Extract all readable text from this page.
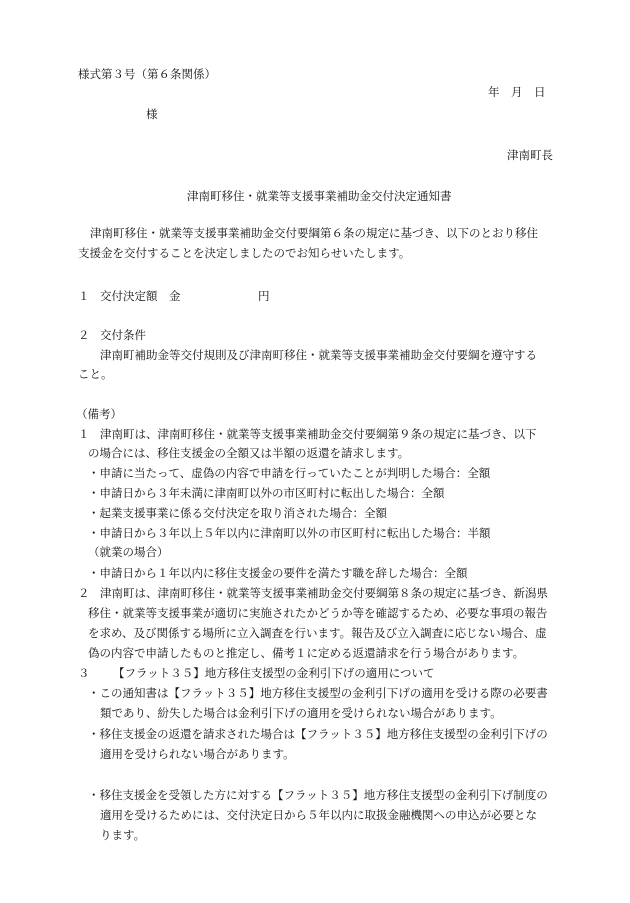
様式第３号（第６条関係）
年　月　日
様
津南町長
津南町移住・就業等支援事業補助金交付決定通知書
津南町移住・就業等支援事業補助金交付要綱第６条の規定に基づき、以下のとおり移住
支援金を交付することを決定しましたのでお知らせいたします。
１ 交付決定額　金	円
２ 交付条件
津南町補助金等交付規則及び津南町移住・就業等支援事業補助金交付要綱を遵守する
こと。
（備考）
１ 津南町は、津南町移住・就業等支援事業補助金交付要綱第９条の規定に基づき、以下
の場合には、移住支援金の全額又は半額の返還を請求します。
・申請に当たって、虚偽の内容で申請を行っていたことが判明した場合：全額
・申請日から３年未満に津南町以外の市区町村に転出した場合：全額
・起業支援事業に係る交付決定を取り消された場合：全額
・申請日から３年以上５年以内に津南町以外の市区町村に転出した場合：半額
（就業の場合）
・申請日から１年以内に移住支援金の要件を満たす職を辞した場合：全額
２ 津南町は、津南町移住・就業等支援事業補助金交付要綱第８条の規定に基づき、新潟県
移住・就業等支援事業が適切に実施されたかどうか等を確認するため、必要な事項の報告
を求め、及び関係する場所に立入調査を行います。報告及び立入調査に応じない場合、虚
偽の内容で申請したものと推定し、備考１に定める返還請求を行う場合があります。
３ 【フラット３５】地方移住支援型の金利引下げの適用について
・この通知書は【フラット３５】地方移住支援型の金利引下げの適用を受ける際の必要書
類であり、紛失した場合は金利引下げの適用を受けられない場合があります。
・移住支援金の返還を請求された場合は【フラット３５】地方移住支援型の金利引下げの
適用を受けられない場合があります。
・移住支援金を受領した方に対する【フラット３５】地方移住支援型の金利引下げ制度の
適用を受けるためには、交付決定日から５年以内に取扱金融機関への申込が必要とな
ります。
